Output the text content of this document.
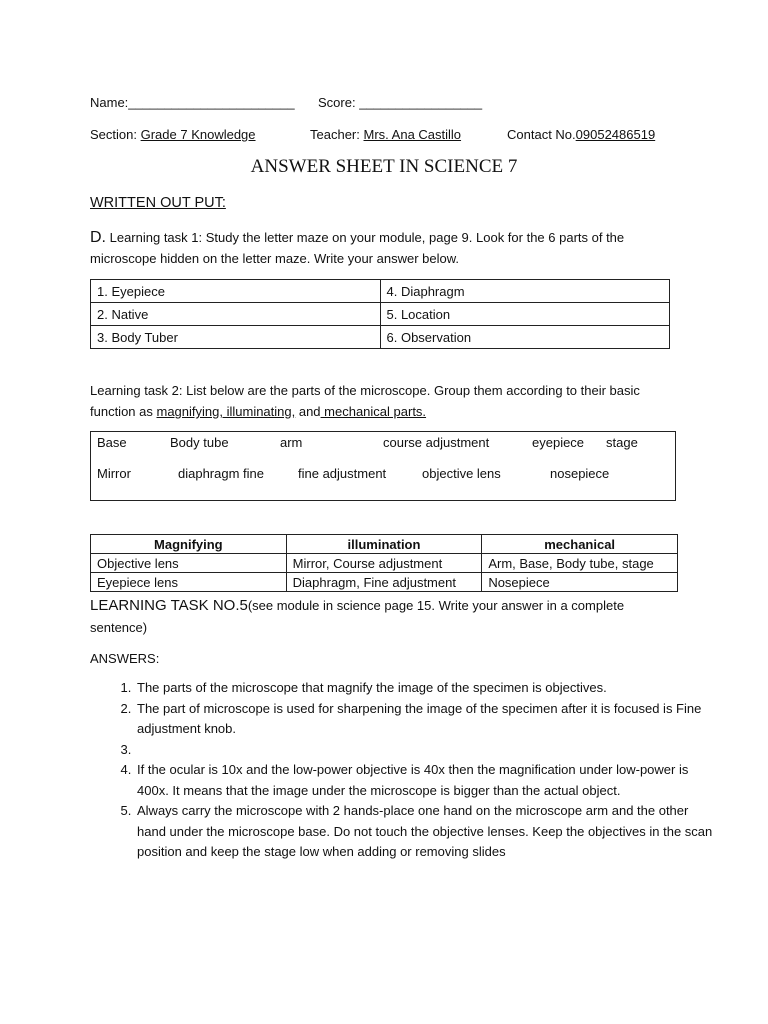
Name:_______________________ Score: _________________
Section: Grade 7 Knowledge	Teacher: Mrs. Ana Castillo	Contact No.09052486519
ANSWER SHEET IN SCIENCE 7
WRITTEN OUT PUT:
D. Learning task 1: Study the letter maze on your module, page 9. Look for the 6 parts of the
microscope hidden on the letter maze. Write your answer below.
1. Eyepiece	4. Diaphragm
2. Native	5. Location
3. Body Tuber	6. Observation
Learning task 2: List below are the parts of the microscope. Group them according to their basic
function as magnifying, illuminating, and mechanical parts.
Base	Body tube	arm	course adjustment	eyepiece stage
Mirror	diaphragm fine	fine adjustment	objective lens	nosepiece
Magnifying	illumination	mechanical
Objective lens	Mirror, Course adjustment	Arm, Base, Body tube, stage
Eyepiece lens	Diaphragm, Fine adjustment	Nosepiece
LEARNING TASK NO.5(see module in science page 15. Write your answer in a complete
sentence)
ANSWERS:
1. The parts of the microscope that magnify the image of the specimen is objectives.
2. The part of microscope is used for sharpening the image of the specimen after it is focused is Fine adjustment knob.
3.
4. If the ocular is 10x and the low-power objective is 40x then the magnification under low-power is 400x. It means that the image under the microscope is bigger than the actual object.
5. Always carry the microscope with 2 hands-place one hand on the microscope arm and the other hand under the microscope base. Do not touch the objective lenses. Keep the objectives in the scan position and keep the stage low when adding or removing slides
